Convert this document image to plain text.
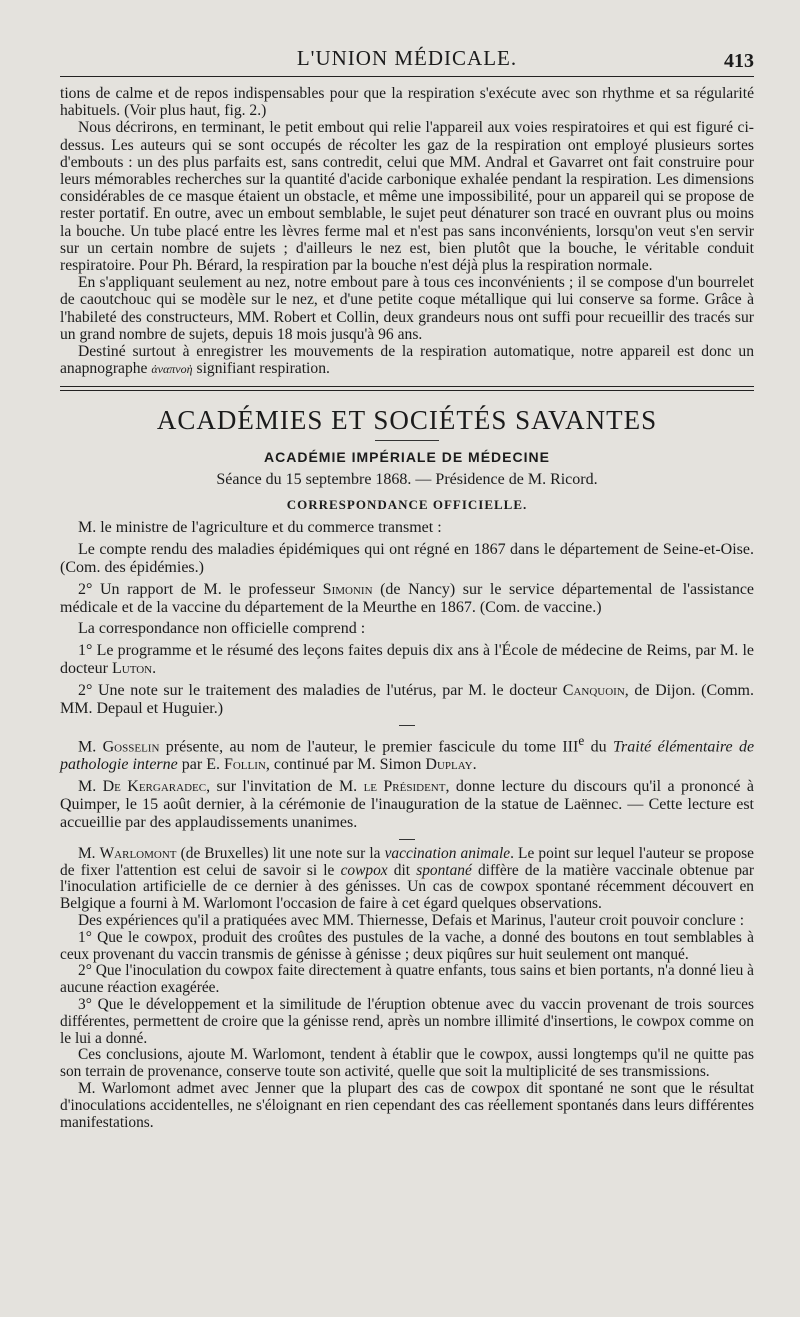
L'UNION MÉDICALE.	413

tions de calme et de repos indispensables pour que la respiration s'exécute avec son rhythme et sa régularité habituels. (Voir plus haut, fig. 2.)

Nous décrirons, en terminant, le petit embout qui relie l'appareil aux voies respiratoires et qui est figuré ci-dessus. Les auteurs qui se sont occupés de récolter les gaz de la respiration ont employé plusieurs sortes d'embouts : un des plus parfaits est, sans contredit, celui que MM. Andral et Gavarret ont fait construire pour leurs mémorables recherches sur la quantité d'acide carbonique exhalée pendant la respiration. Les dimensions considérables de ce masque étaient un obstacle, et même une impossibilité, pour un appareil qui se propose de rester portatif. En outre, avec un embout semblable, le sujet peut dénaturer son tracé en ouvrant plus ou moins la bouche. Un tube placé entre les lèvres ferme mal et n'est pas sans inconvénients, lorsqu'on veut s'en servir sur un certain nombre de sujets ; d'ailleurs le nez est, bien plutôt que la bouche, le véritable conduit respiratoire. Pour Ph. Bérard, la respiration par la bouche n'est déjà plus la respiration normale.

En s'appliquant seulement au nez, notre embout pare à tous ces inconvénients ; il se compose d'un bourrelet de caoutchouc qui se modèle sur le nez, et d'une petite coque métallique qui lui conserve sa forme. Grâce à l'habileté des constructeurs, MM. Robert et Collin, deux grandeurs nous ont suffi pour recueillir des tracés sur un grand nombre de sujets, depuis 18 mois jusqu'à 96 ans.

Destiné surtout à enregistrer les mouvements de la respiration automatique, notre appareil est donc un anapnographe ἀναπνοὴ signifiant respiration.

ACADÉMIES ET SOCIÉTÉS SAVANTES
ACADÉMIE IMPÉRIALE DE MÉDECINE
Séance du 15 septembre 1868. — Présidence de M. Ricord.
CORRESPONDANCE OFFICIELLE.

M. le ministre de l'agriculture et du commerce transmet :

Le compte rendu des maladies épidémiques qui ont régné en 1867 dans le département de Seine-et-Oise. (Com. des épidémies.)

2° Un rapport de M. le professeur Simonin (de Nancy) sur le service départemental de l'assistance médicale et de la vaccine du département de la Meurthe en 1867. (Com. de vaccine.)

La correspondance non officielle comprend :

1° Le programme et le résumé des leçons faites depuis dix ans à l'École de médecine de Reims, par M. le docteur Luton.

2° Une note sur le traitement des maladies de l'utérus, par M. le docteur Canquoin, de Dijon. (Comm. MM. Depaul et Huguier.)

M. Gosselin présente, au nom de l'auteur, le premier fascicule du tome IIIe du Traité élémentaire de pathologie interne par E. Follin, continué par M. Simon Duplay.

M. De Kergaradec, sur l'invitation de M. le Président, donne lecture du discours qu'il a prononcé à Quimper, le 15 août dernier, à la cérémonie de l'inauguration de la statue de Laënnec. — Cette lecture est accueillie par des applaudissements unanimes.

M. Warlomont (de Bruxelles) lit une note sur la vaccination animale. Le point sur lequel l'auteur se propose de fixer l'attention est celui de savoir si le cowpox dit spontané diffère de la matière vaccinale obtenue par l'inoculation artificielle de ce dernier à des génisses. Un cas de cowpox spontané récemment découvert en Belgique a fourni à M. Warlomont l'occasion de faire à cet égard quelques observations.

Des expériences qu'il a pratiquées avec MM. Thiernesse, Defais et Marinus, l'auteur croit pouvoir conclure :

1° Que le cowpox, produit des croûtes des pustules de la vache, a donné des boutons en tout semblables à ceux provenant du vaccin transmis de génisse à génisse ; deux piqûres sur huit seulement ont manqué.

2° Que l'inoculation du cowpox faite directement à quatre enfants, tous sains et bien portants, n'a donné lieu à aucune réaction exagérée.

3° Que le développement et la similitude de l'éruption obtenue avec du vaccin provenant de trois sources différentes, permettent de croire que la génisse rend, après un nombre illimité d'insertions, le cowpox comme on le lui a donné.

Ces conclusions, ajoute M. Warlomont, tendent à établir que le cowpox, aussi longtemps qu'il ne quitte pas son terrain de provenance, conserve toute son activité, quelle que soit la multiplicité de ses transmissions.

M. Warlomont admet avec Jenner que la plupart des cas de cowpox dit spontané ne sont que le résultat d'inoculations accidentelles, ne s'éloignant en rien cependant des cas réellement spontanés dans leurs différentes manifestations.
